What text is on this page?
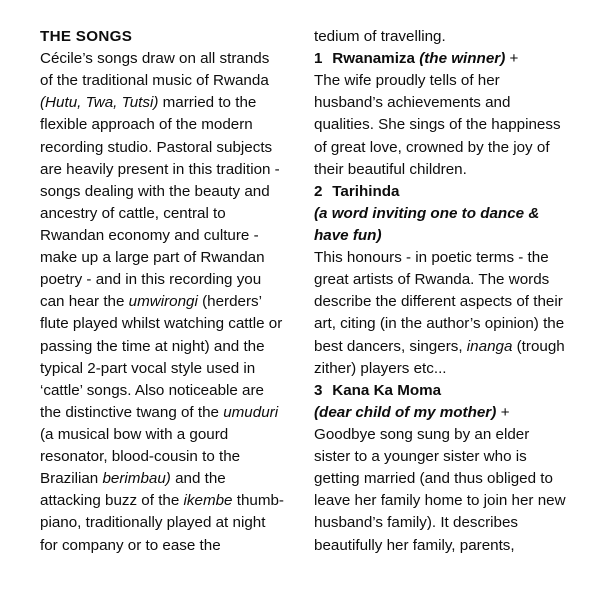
THE SONGS

Cécile’s songs draw on all strands of the traditional music of Rwanda (Hutu, Twa, Tutsi) married to the flexible approach of the modern recording studio. Pastoral subjects are heavily present in this tradition - songs dealing with the beauty and ancestry of cattle, central to Rwandan economy and culture - make up a large part of Rwandan poetry - and in this recording you can hear the umwirongi (herders’ flute played whilst watching cattle or passing the time at night) and the typical 2-part vocal style used in ‘cattle’ songs. Also noticeable are the distinctive twang of the umuduri (a musical bow with a gourd resonator, blood-cousin to the Brazilian berimbau) and the attacking buzz of the ikembe thumb-piano, traditionally played at night for company or to ease the

tedium of travelling.

1 Rwanamiza (the winner) +

The wife proudly tells of her husband’s achievements and qualities. She sings of the happiness of great love, crowned by the joy of their beautiful children.

2 Tarihinda

(a word inviting one to dance & have fun)

This honours - in poetic terms - the great artists of Rwanda. The words describe the different aspects of their art, citing (in the author’s opinion) the best dancers, singers, inanga (trough zither) players etc...

3 Kana Ka Moma

(dear child of my mother) +

Goodbye song sung by an elder sister to a younger sister who is getting married (and thus obliged to leave her family home to join her new husband’s family). It describes beautifully her family, parents,
